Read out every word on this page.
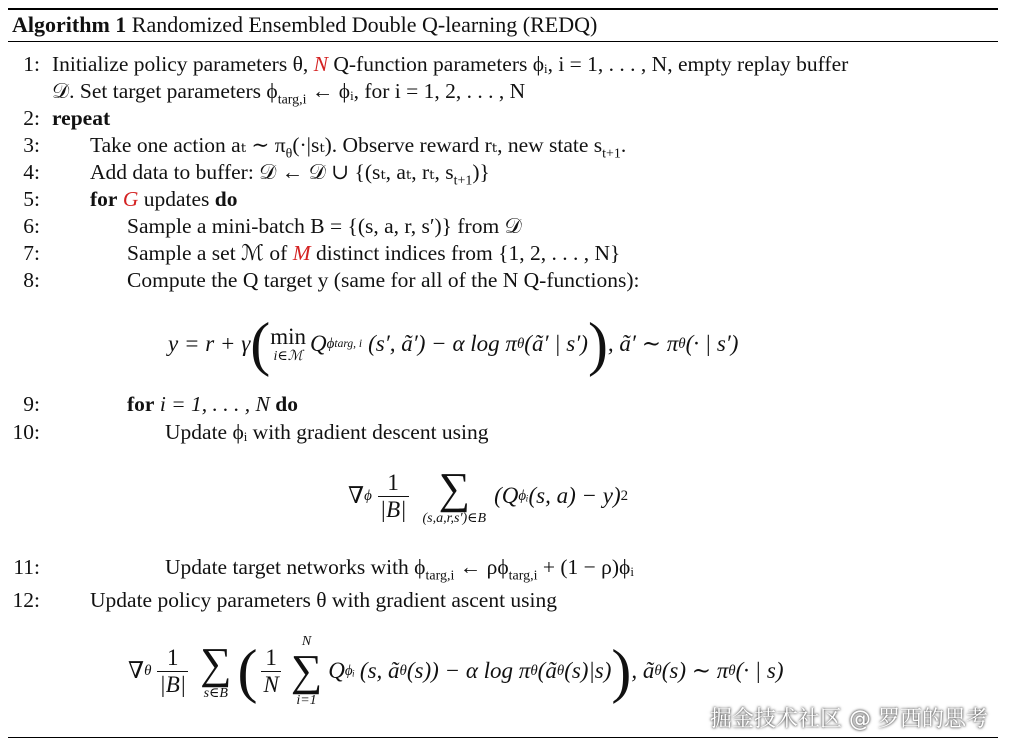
Algorithm 1 Randomized Ensembled Double Q-learning (REDQ)
1: Initialize policy parameters θ, N Q-function parameters ϕᵢ, i = 1, . . . , N, empty replay buffer
𝒟. Set target parameters $\phi_{targ,i}$ ← ϕᵢ, for i = 1, 2, . . . , N
2: repeat
3: Take one action aₜ ∼ $\pi_\theta(\cdot|s_t)$. Observe reward rₜ, new state $s_{t+1}$.
4: Add data to buffer: 𝒟 ← 𝒟 ∪ {(sₜ, aₜ, rₜ, $s_{t+1}$)}
5: for G updates do
6:	Sample a mini-batch B = {(s, a, r, s′)} from 𝒟
7:	Sample a set ℳ of M distinct indices from {1, 2, . . . , N}
8:	Compute the Q target y (same for all of the N Q-functions):
y = r + γ ( min
i∈ℳ Q ϕ targ, i (s′, ã′) − α log π θ (ã′ | s′) ) , ã′ ∼ π θ (· | s′)
9:	for i = 1, . . . , N do
10:	Update ϕᵢ with gradient descent using
∇ ϕ $\frac{1}{|B|}$ ∑
(s,a,r,s′)∈B
(Q ϕᵢ (s, a) − y) 2
11:	Update target networks with $\phi_{targ,i}$ ← $\rho\phi_{targ,i} + (1$ − ρ)ϕᵢ
12: Update policy parameters θ with gradient ascent using
∇ θ $\frac{1}{|B|}$ ∑
s∈B ( $\frac{1}{N}$
N
∑
i=1
Q ϕᵢ (s, ã θ (s)) − α log π θ (ã θ (s)|s) ) , ã θ (s) ∼ π θ (· | s)
掘金技术社区 @ 罗西的思考
